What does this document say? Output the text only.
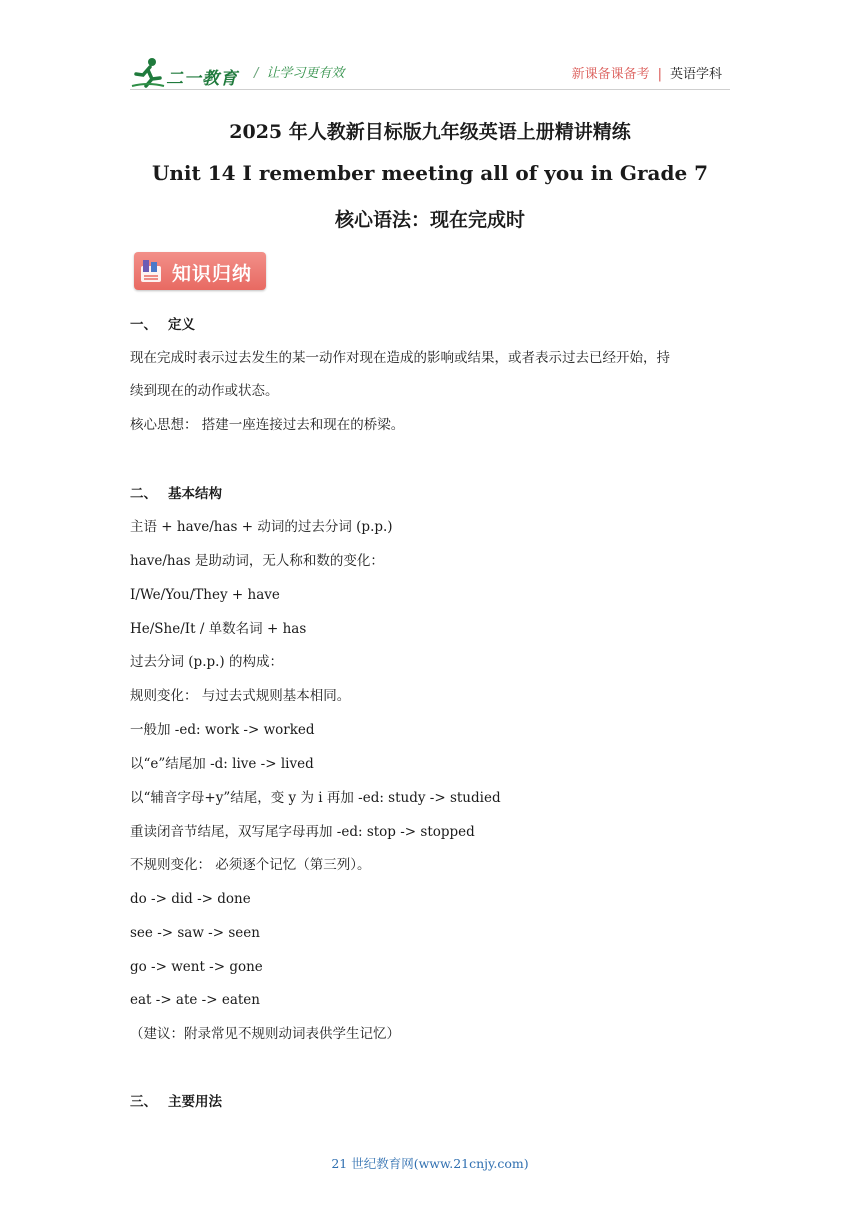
二一教育 / 让学习更有效	新课备课备考 | 英语学科
2025 年人教新目标版九年级英语上册精讲精练
Unit 14 I remember meeting all of you in Grade 7
核心语法：现在完成时
知识归纳
一、 定义
现在完成时表示过去发生的某一动作对现在造成的影响或结果，或者表示过去已经开始，持
续到现在的动作或状态。
核心思想： 搭建一座连接过去和现在的桥梁。
二、 基本结构
主语 + have/has + 动词的过去分词 (p.p.)
have/has 是助动词，无人称和数的变化：
I/We/You/They + have
He/She/It / 单数名词 + has
过去分词 (p.p.) 的构成：
规则变化： 与过去式规则基本相同。
一般加 -ed: work -> worked
以“e”结尾加 -d: live -> lived
以“辅音字母+y”结尾，变 y 为 i 再加 -ed: study -> studied
重读闭音节结尾，双写尾字母再加 -ed: stop -> stopped
不规则变化： 必须逐个记忆（第三列）。
do -> did -> done
see -> saw -> seen
go -> went -> gone
eat -> ate -> eaten
（建议：附录常见不规则动词表供学生记忆）
三、 主要用法
21 世纪教育网(www.21cnjy.com)
